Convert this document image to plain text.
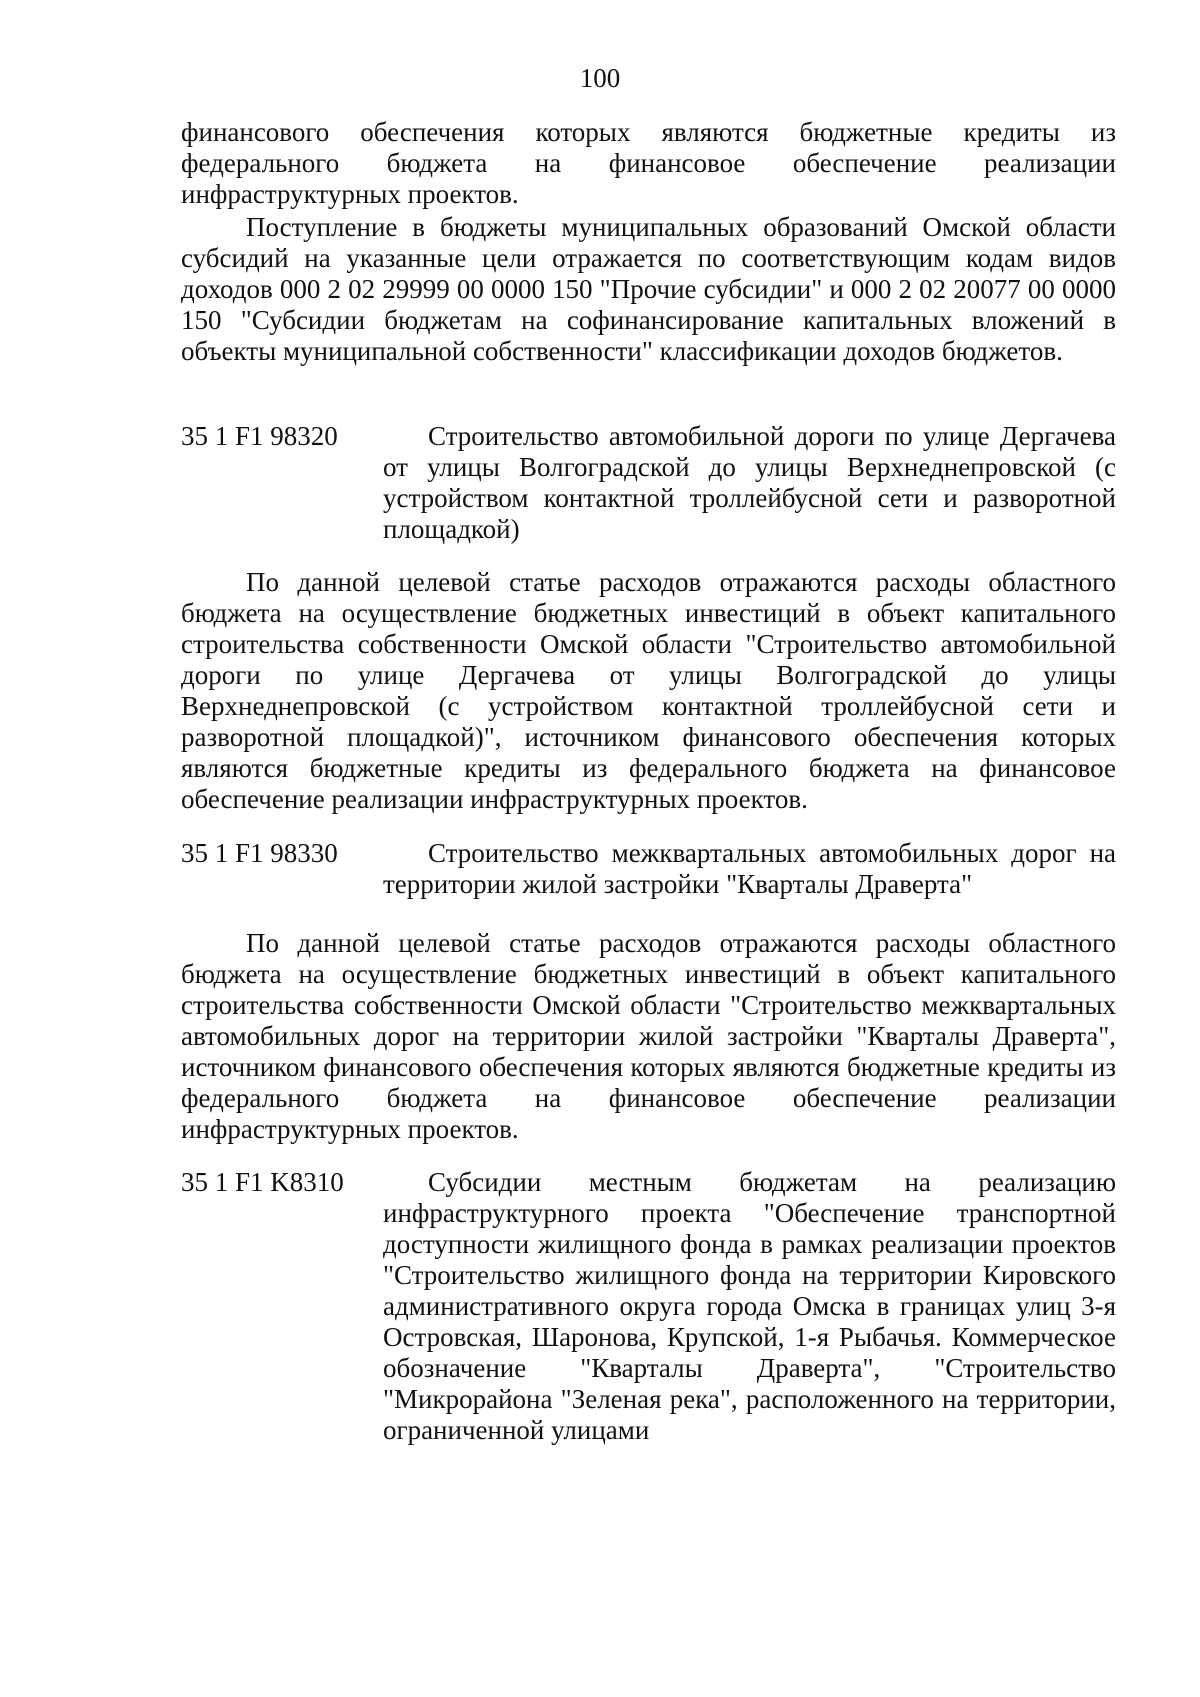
100

финансового обеспечения которых являются бюджетные кредиты из федерального бюджета на финансовое обеспечение реализации инфраструктурных проектов.

Поступление в бюджеты муниципальных образований Омской области субсидий на указанные цели отражается по соответствующим кодам видов доходов 000 2 02 29999 00 0000 150 "Прочие субсидии" и 000 2 02 20077 00 0000 150 "Субсидии бюджетам на софинансирование капитальных вложений в объекты муниципальной собственности" классификации доходов бюджетов.

35 1 F1 98320	Строительство автомобильной дороги по улице Дергачева от улицы Волгоградской до улицы Верхнеднепровской (с устройством контактной троллейбусной сети и разворотной площадкой)

По данной целевой статье расходов отражаются расходы областного бюджета на осуществление бюджетных инвестиций в объект капитального строительства собственности Омской области "Строительство автомобильной дороги по улице Дергачева от улицы Волгоградской до улицы Верхнеднепровской (с устройством контактной троллейбусной сети и разворотной площадкой)", источником финансового обеспечения которых являются бюджетные кредиты из федерального бюджета на финансовое обеспечение реализации инфраструктурных проектов.

35 1 F1 98330	Строительство межквартальных автомобильных дорог на территории жилой застройки "Кварталы Драверта"

По данной целевой статье расходов отражаются расходы областного бюджета на осуществление бюджетных инвестиций в объект капитального строительства собственности Омской области "Строительство межквартальных автомобильных дорог на территории жилой застройки "Кварталы Драверта", источником финансового обеспечения которых являются бюджетные кредиты из федерального бюджета на финансовое обеспечение реализации инфраструктурных проектов.

35 1 F1 K8310	Субсидии местным бюджетам на реализацию инфраструктурного проекта "Обеспечение транспортной доступности жилищного фонда в рамках реализации проектов "Строительство жилищного фонда на территории Кировского административного округа города Омска в границах улиц 3-я Островская, Шаронова, Крупской, 1-я Рыбачья. Коммерческое обозначение "Кварталы Драверта", "Строительство "Микрорайона "Зеленая река", расположенного на территории, ограниченной улицами
